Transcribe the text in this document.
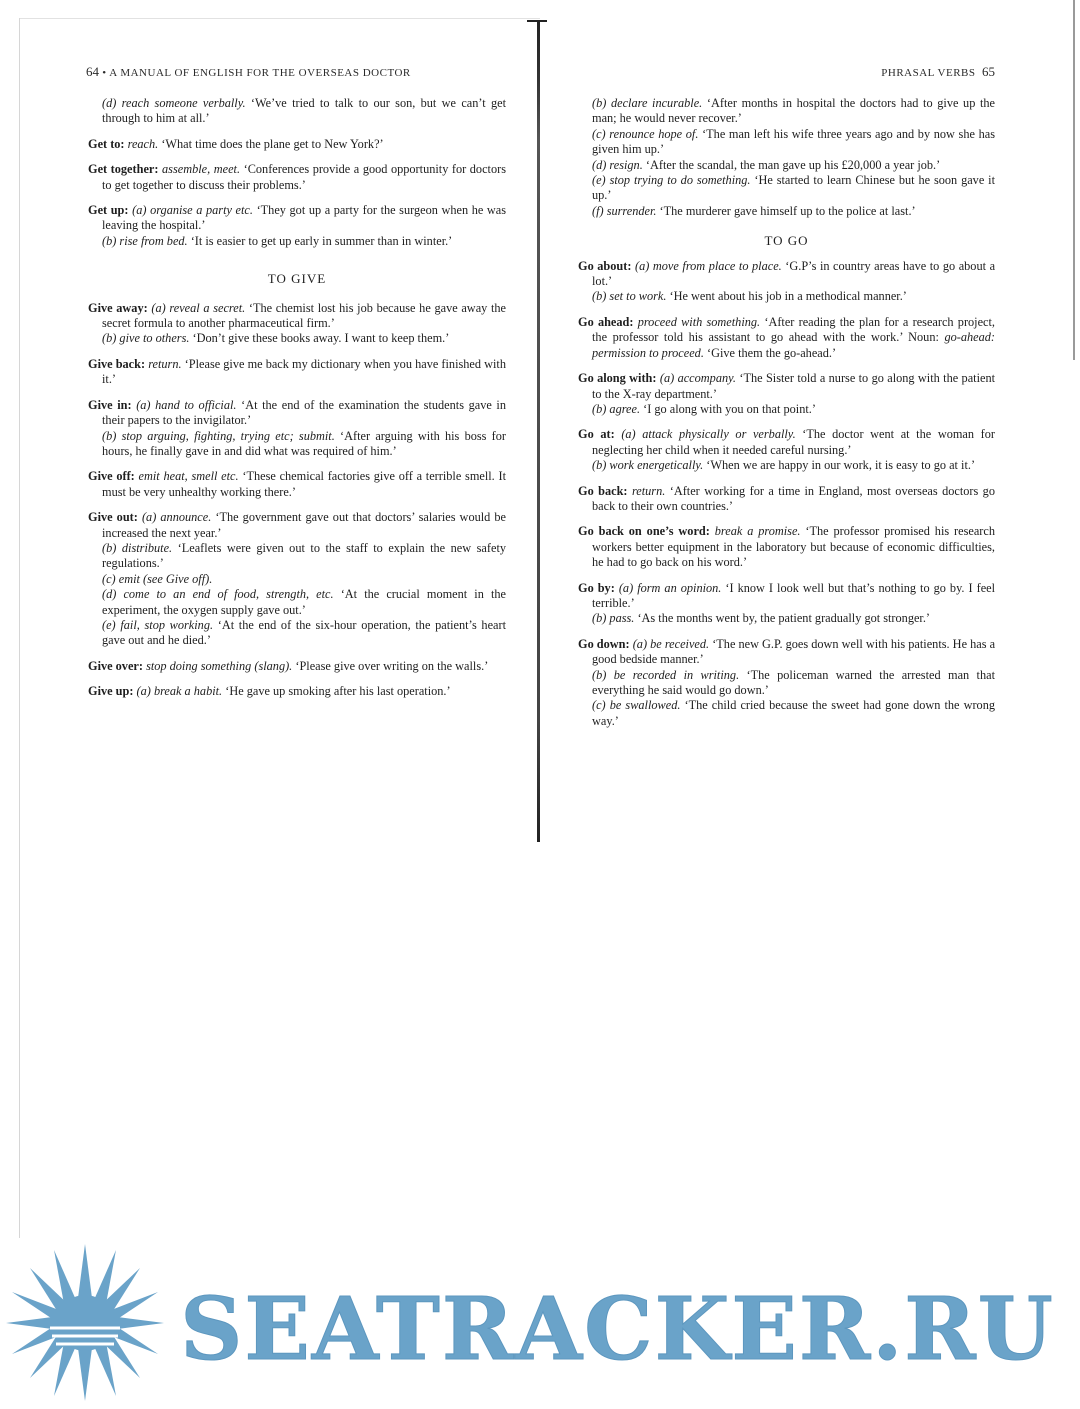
64 • A MANUAL OF ENGLISH FOR THE OVERSEAS DOCTOR	PHRASAL VERBS 65
(d) reach someone verbally. ‘We’ve tried to talk to our son, but we can’t get through to him at all.’
Get to: reach. ‘What time does the plane get to New York?’
Get together: assemble, meet. ‘Conferences provide a good opportunity for doctors to get together to discuss their problems.’
Get up: (a) organise a party etc. ‘They got up a party for the surgeon when he was leaving the hospital.’
(b) rise from bed. ‘It is easier to get up early in summer than in winter.’
TO GIVE
Give away: (a) reveal a secret. ‘The chemist lost his job because he gave away the secret formula to another pharmaceutical firm.’
(b) give to others. ‘Don’t give these books away. I want to keep them.’
Give back: return. ‘Please give me back my dictionary when you have finished with it.’
Give in: (a) hand to official. ‘At the end of the examination the students gave in their papers to the invigilator.’
(b) stop arguing, fighting, trying etc; submit. ‘After arguing with his boss for hours, he finally gave in and did what was required of him.’
Give off: emit heat, smell etc. ‘These chemical factories give off a terrible smell. It must be very unhealthy working there.’
Give out: (a) announce. ‘The government gave out that doctors’ salaries would be increased the next year.’
(b) distribute. ‘Leaflets were given out to the staff to explain the new safety regulations.’
(c) emit (see Give off).
(d) come to an end of food, strength, etc. ‘At the crucial moment in the experiment, the oxygen supply gave out.’
(e) fail, stop working. ‘At the end of the six-hour operation, the patient’s heart gave out and he died.’
Give over: stop doing something (slang). ‘Please give over writing on the walls.’
Give up: (a) break a habit. ‘He gave up smoking after his last operation.’
(b) declare incurable. ‘After months in hospital the doctors had to give up the man; he would never recover.’
(c) renounce hope of. ‘The man left his wife three years ago and by now she has given him up.’
(d) resign. ‘After the scandal, the man gave up his £20,000 a year job.’
(e) stop trying to do something. ‘He started to learn Chinese but he soon gave it up.’
(f) surrender. ‘The murderer gave himself up to the police at last.’
TO GO
Go about: (a) move from place to place. ‘G.P’s in country areas have to go about a lot.’
(b) set to work. ‘He went about his job in a methodical manner.’
Go ahead: proceed with something. ‘After reading the plan for a research project, the professor told his assistant to go ahead with the work.’ Noun: go-ahead: permission to proceed. ‘Give them the go-ahead.’
Go along with: (a) accompany. ‘The Sister told a nurse to go along with the patient to the X-ray department.’
(b) agree. ‘I go along with you on that point.’
Go at: (a) attack physically or verbally. ‘The doctor went at the woman for neglecting her child when it needed careful nursing.’
(b) work energetically. ‘When we are happy in our work, it is easy to go at it.’
Go back: return. ‘After working for a time in England, most overseas doctors go back to their own countries.’
Go back on one’s word: break a promise. ‘The professor promised his research workers better equipment in the laboratory but because of economic difficulties, he had to go back on his word.’
Go by: (a) form an opinion. ‘I know I look well but that’s nothing to go by. I feel terrible.’
(b) pass. ‘As the months went by, the patient gradually got stronger.’
Go down: (a) be received. ‘The new G.P. goes down well with his patients. He has a good bedside manner.’
(b) be recorded in writing. ‘The policeman warned the arrested man that everything he said would go down.’
(c) be swallowed. ‘The child cried because the sweet had gone down the wrong way.’
SEATRACKER.RU
